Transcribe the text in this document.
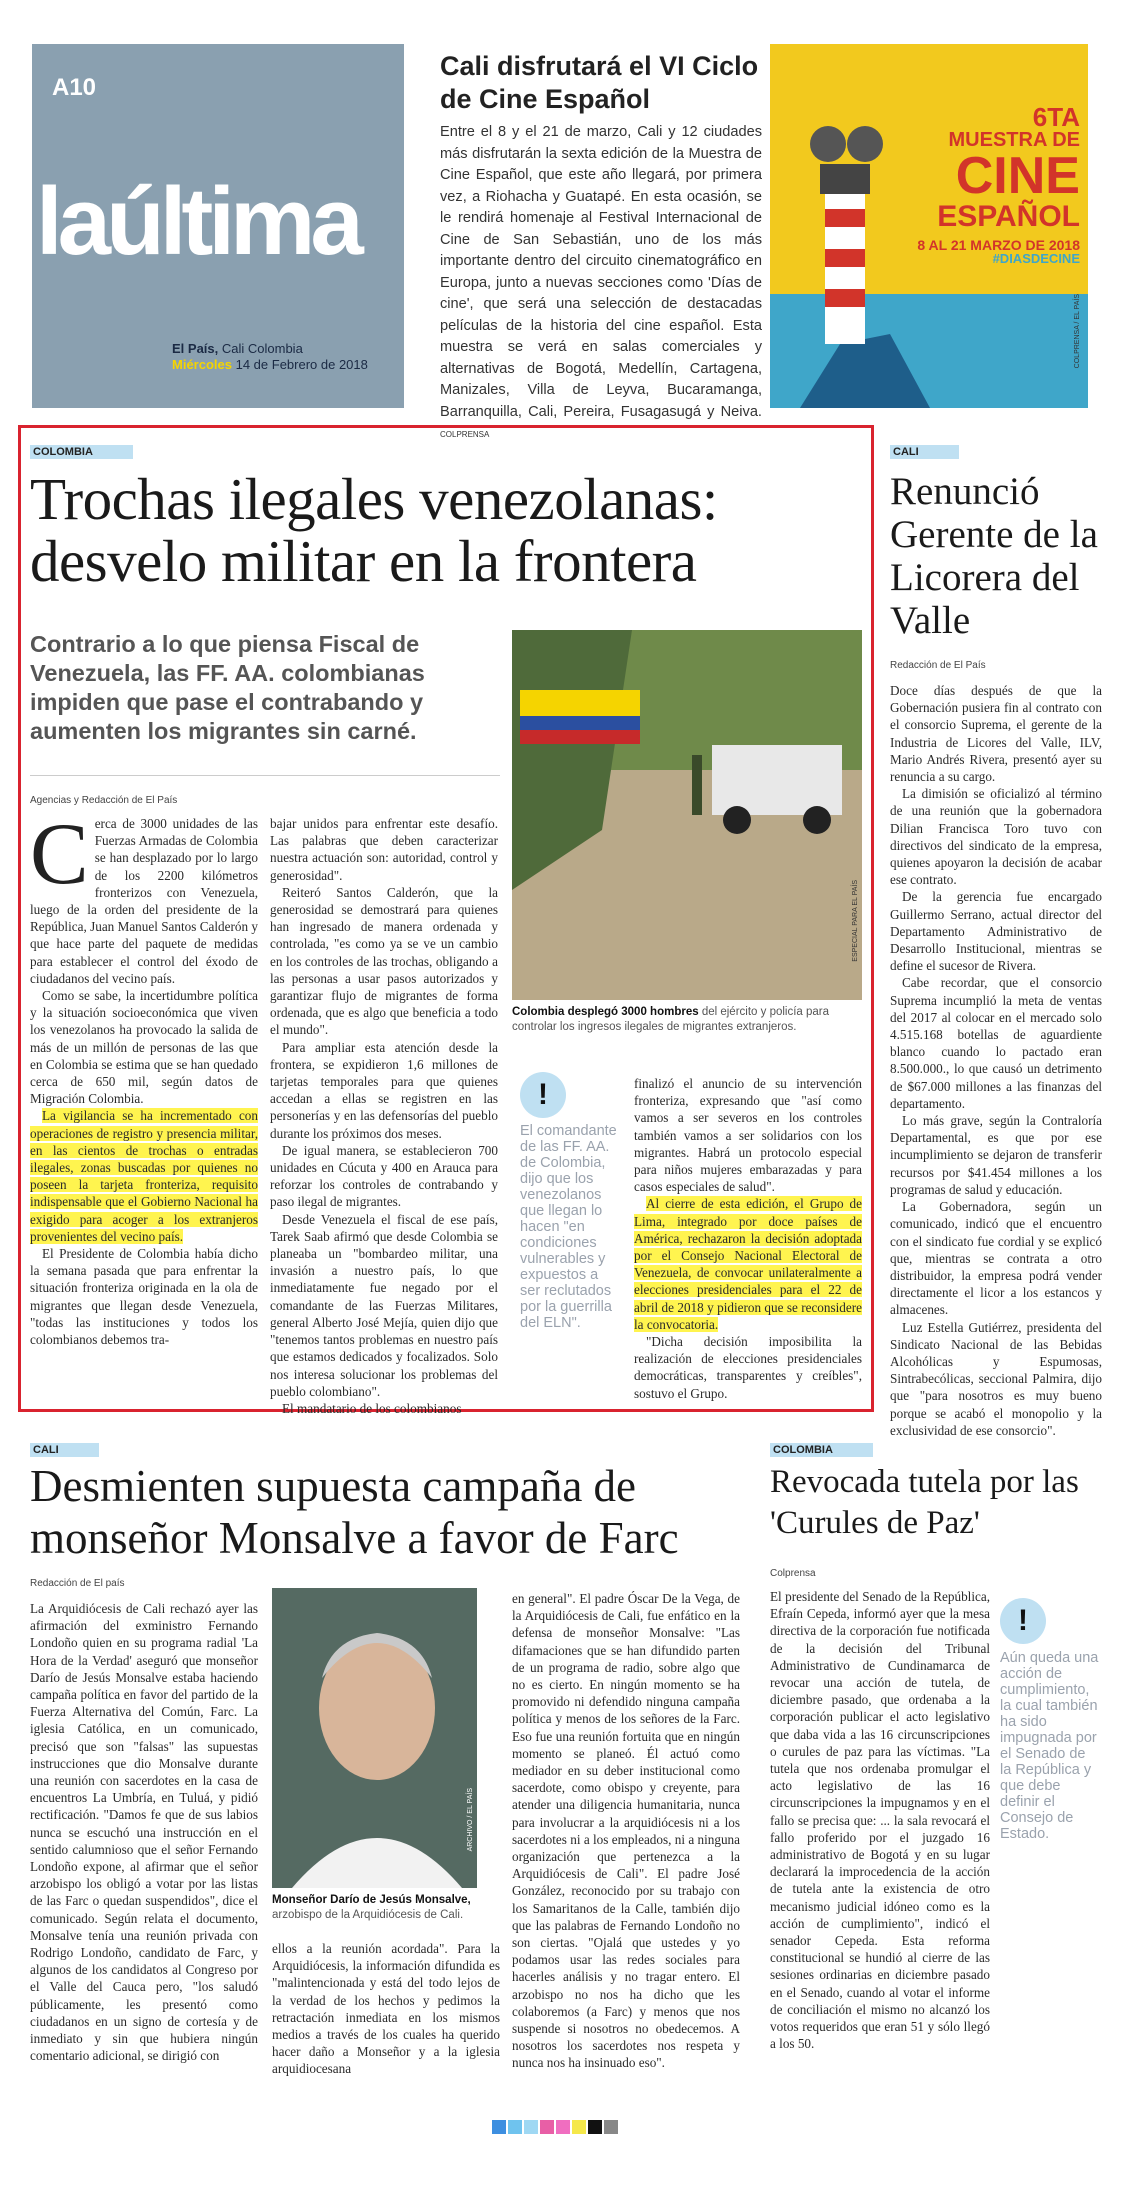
A10
laúltima
El País, Cali Colombia
Miércoles 14 de Febrero de 2018
Cali disfrutará el VI Ciclo de Cine Español
Entre el 8 y el 21 de marzo, Cali y 12 ciudades más disfrutarán la sexta edición de la Muestra de Cine Español, que este año llegará, por primera vez, a Riohacha y Guatapé. En esta ocasión, se le rendirá homenaje al Festival Internacional de Cine de San Sebastián, uno de los más importante dentro del circuito cinematográfico en Europa, junto a nuevas secciones como 'Días de cine', que será una selección de destacadas películas de la historia del cine español. Esta muestra se verá en salas comerciales y alternativas de Bogotá, Medellín, Cartagena, Manizales, Villa de Leyva, Bucaramanga, Barranquilla, Cali, Pereira, Fusagasugá y Neiva. COLPRENSA
6TA
MUESTRA DE
CINE
ESPAÑOL
8 AL 21 MARZO DE 2018
#DIASDECINE
COLPRENSA / EL PAÍS
COLOMBIA
Trochas ilegales venezolanas: desvelo militar en la frontera
Contrario a lo que piensa Fiscal de Venezuela, las FF. AA. colombianas impiden que pase el contrabando y aumenten los migrantes sin carné.
Agencias y Redacción de El País

Cerca de 3000 unidades de las Fuerzas Armadas de Colombia se han desplazado por lo largo de los 2200 kilómetros fronterizos con Venezuela, luego de la orden del presidente de la República, Juan Manuel Santos Calderón y que hace parte del paquete de medidas para establecer el control del éxodo de ciudadanos del vecino país.

Como se sabe, la incertidumbre política y la situación socioeconómica que viven los venezolanos ha provocado la salida de más de un millón de personas de las que en Colombia se estima que se han quedado cerca de 650 mil, según datos de Migración Colombia.

La vigilancia se ha incrementado con operaciones de registro y presencia militar, en las cientos de trochas o entradas ilegales, zonas buscadas por quienes no poseen la tarjeta fronteriza, requisito indispensable que el Gobierno Nacional ha exigido para acoger a los extranjeros provenientes del vecino país.

El Presidente de Colombia había dicho la semana pasada que para enfrentar la situación fronteriza originada en la ola de migrantes que llegan desde Venezuela, "todas las instituciones y todos los colombianos debemos tra-

bajar unidos para enfrentar este desafío. Las palabras que deben caracterizar nuestra actuación son: autoridad, control y generosidad".

Reiteró Santos Calderón, que la generosidad se demostrará para quienes han ingresado de manera ordenada y controlada, "es como ya se ve un cambio en los controles de las trochas, obligando a las personas a usar pasos autorizados y garantizar flujo de migrantes de forma ordenada, que es algo que beneficia a todo el mundo".

Para ampliar esta atención desde la frontera, se expidieron 1,6 millones de tarjetas temporales para que quienes accedan a ellas se registren en las personerías y en las defensorías del pueblo durante los próximos dos meses.

De igual manera, se establecieron 700 unidades en Cúcuta y 400 en Arauca para reforzar los controles de contrabando y paso ilegal de migrantes.

Desde Venezuela el fiscal de ese país, Tarek Saab afirmó que desde Colombia se planeaba un "bombardeo militar, una invasión a nuestro país, lo que inmediatamente fue negado por el comandante de las Fuerzas Militares, general Alberto José Mejía, quien dijo que "tenemos tantos problemas en nuestro país que estamos dedicados y focalizados. Solo nos interesa solucionar los problemas del pueblo colombiano".

El mandatario de los colombianos

ESPECIAL PARA EL PAÍS
Colombia desplegó 3000 hombres del ejército y policía para controlar los ingresos ilegales de migrantes extranjeros.
!
El comandante de las FF. AA. de Colombia, dijo que los venezolanos que llegan lo hacen "en condiciones vulnerables y expuestos a ser reclutados por la guerrilla del ELN".

finalizó el anuncio de su intervención fronteriza, expresando que "así como vamos a ser severos en los controles también vamos a ser solidarios con los migrantes. Habrá un protocolo especial para niños mujeres embarazadas y para casos especiales de salud".

Al cierre de esta edición, el Grupo de Lima, integrado por doce países de América, rechazaron la decisión adoptada por el Consejo Nacional Electoral de Venezuela, de convocar unilateralmente a elecciones presidenciales para el 22 de abril de 2018 y pidieron que se reconsidere la convocatoria.

"Dicha decisión imposibilita la realización de elecciones presidenciales democráticas, transparentes y creíbles", sostuvo el Grupo.

CALI
Renunció Gerente de la Licorera del Valle
Redacción de El País

Doce días después de que la Gobernación pusiera fin al contrato con el consorcio Suprema, el gerente de la Industria de Licores del Valle, ILV, Mario Andrés Rivera, presentó ayer su renuncia a su cargo.

La dimisión se oficializó al término de una reunión que la gobernadora Dilian Francisca Toro tuvo con directivos del sindicato de la empresa, quienes apoyaron la decisión de acabar ese contrato.

De la gerencia fue encargado Guillermo Serrano, actual director del Departamento Administrativo de Desarrollo Institucional, mientras se define el sucesor de Rivera.

Cabe recordar, que el consorcio Suprema incumplió la meta de ventas del 2017 al colocar en el mercado solo 4.515.168 botellas de aguardiente blanco cuando lo pactado eran 8.500.000., lo que causó un detrimento de $67.000 millones a las finanzas del departamento.

Lo más grave, según la Contraloría Departamental, es que por ese incumplimiento se dejaron de transferir recursos por $41.454 millones a los programas de salud y educación.

La Gobernadora, según un comunicado, indicó que el encuentro con el sindicato fue cordial y se explicó que, mientras se contrata a otro distribuidor, la empresa podrá vender directamente el licor a los estancos y almacenes.

Luz Estella Gutiérrez, presidenta del Sindicato Nacional de las Bebidas Alcohólicas y Espumosas, Sintrabecólicas, seccional Palmira, dijo que "para nosotros es muy bueno porque se acabó el monopolio y la exclusividad de ese consorcio".

CALI
Desmienten supuesta campaña de monseñor Monsalve a favor de Farc
Redacción de El país
La Arquidiócesis de Cali rechazó ayer las afirmación del exministro Fernando Londoño quien en su programa radial 'La Hora de la Verdad' aseguró que monseñor Darío de Jesús Monsalve estaba haciendo campaña política en favor del partido de la Fuerza Alternativa del Común, Farc. La iglesia Católica, en un comunicado, precisó que son "falsas" las supuestas instrucciones que dio Monsalve durante una reunión con sacerdotes en la casa de encuentros La Umbría, en Tuluá, y pidió rectificación. "Damos fe que de sus labios nunca se escuchó una instrucción en el sentido calumnioso que el señor Fernando Londoño expone, al afirmar que el señor arzobispo los obligó a votar por las listas de las Farc o quedan suspendidos", dice el comunicado. Según relata el documento, Monsalve tenía una reunión privada con Rodrigo Londoño, candidato de Farc, y algunos de los candidatos al Congreso por el Valle del Cauca pero, "los saludó públicamente, les presentó como ciudadanos en un signo de cortesía y de inmediato y sin que hubiera ningún comentario adicional, se dirigió con
ARCHIVO / EL PAÍS
Monseñor Darío de Jesús Monsalve, arzobispo de la Arquidiócesis de Cali.
ellos a la reunión acordada". Para la Arquidiócesis, la información difundida es "malintencionada y está del todo lejos de la verdad de los hechos y pedimos la retractación inmediata en los mismos medios a través de los cuales ha querido hacer daño a Monseñor y a la iglesia arquidiocesana
en general". El padre Óscar De la Vega, de la Arquidiócesis de Cali, fue enfático en la defensa de monseñor Monsalve: "Las difamaciones que se han difundido parten de un programa de radio, sobre algo que no es cierto. En ningún momento se ha promovido ni defendido ninguna campaña política y menos de los señores de la Farc. Eso fue una reunión fortuita que en ningún momento se planeó. Él actuó como mediador en su deber institucional como sacerdote, como obispo y creyente, para atender una diligencia humanitaria, nunca para involucrar a la arquidiócesis ni a los sacerdotes ni a los empleados, ni a ninguna organización que pertenezca a la Arquidiócesis de Cali". El padre José González, reconocido por su trabajo con los Samaritanos de la Calle, también dijo que las palabras de Fernando Londoño no son ciertas. "Ojalá que ustedes y yo podamos usar las redes sociales para hacerles análisis y no tragar entero. El arzobispo no nos ha dicho que les colaboremos (a Farc) y menos que nos suspende si nosotros no obedecemos. A nosotros los sacerdotes nos respeta y nunca nos ha insinuado eso".
COLOMBIA
Revocada tutela por las 'Curules de Paz'
Colprensa
El presidente del Senado de la República, Efraín Cepeda, informó ayer que la mesa directiva de la corporación fue notificada de la decisión del Tribunal Administrativo de Cundinamarca de revocar una acción de tutela, de diciembre pasado, que ordenaba a la corporación publicar el acto legislativo que daba vida a las 16 circunscripciones o curules de paz para las víctimas. "La tutela que nos ordenaba promulgar el acto legislativo de las 16 circunscripciones la impugnamos y en el fallo se precisa que: ... la sala revocará el fallo proferido por el juzgado 16 administrativo de Bogotá y en su lugar declarará la improcedencia de la acción de tutela ante la existencia de otro mecanismo judicial idóneo como es la acción de cumplimiento", indicó el senador Cepeda. Esta reforma constitucional se hundió al cierre de las sesiones ordinarias en diciembre pasado en el Senado, cuando al votar el informe de conciliación el mismo no alcanzó los votos requeridos que eran 51 y sólo llegó a los 50.
!
Aún queda una acción de cumplimiento, la cual también ha sido impugnada por el Senado de la República y que debe definir el Consejo de Estado.
